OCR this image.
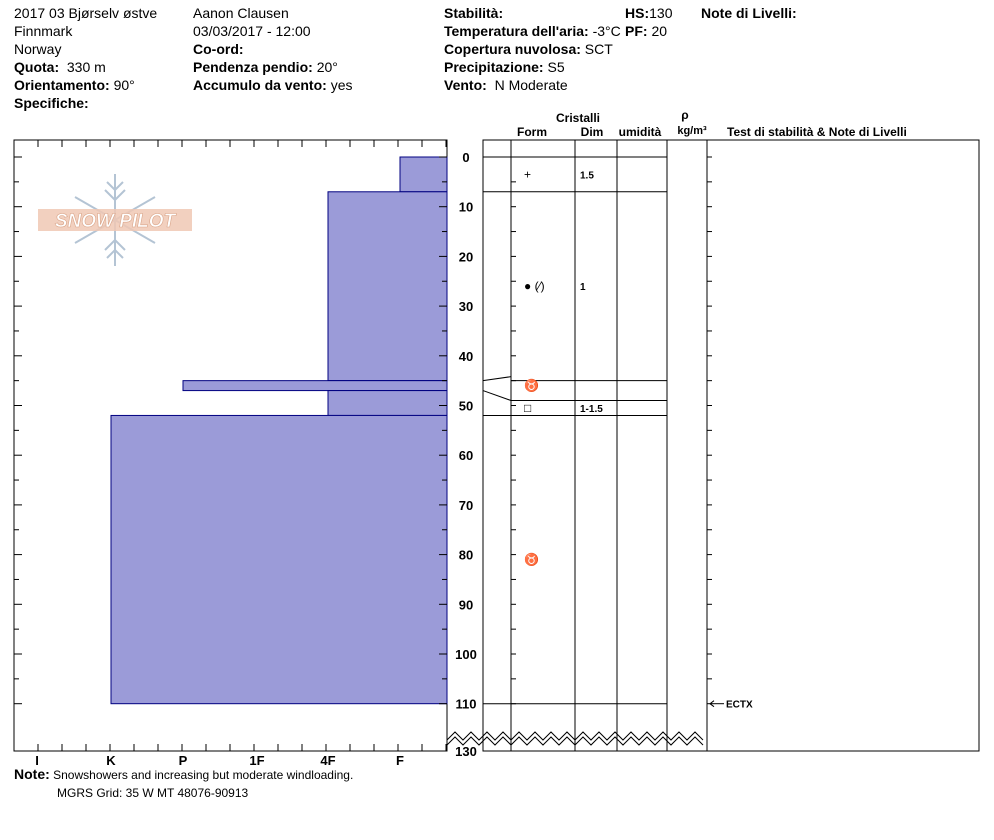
2017 03 Bjørselv østve
Finnmark
Norway
Quota: 330 m
Orientamento: 90°
Specifiche:
Aanon Clausen
03/03/2017 - 12:00
Co-ord:
Pendenza pendio: 20°
Accumulo da vento: yes
Stabilità:
Temperatura dell'aria: -3°C
Copertura nuvolosa: SCT
Precipitazione: S5
Vento: N Moderate
HS:130
PF: 20
Note di Livelli:
Cristalli
Form	Dim umidità
ρ
kg/m³ Test di stabilità & Note di Livelli
SNOW PILOT
0
10
20
30
40
50
60
70
80
90
100
110
130
I	K	P	1F	4F	F
+	1.5
● (⁄)	1
♉
□	1-1.5
♉
ECTX
Note: Snowshowers and increasing but moderate windloading.
MGRS Grid: 35 W MT 48076-90913
